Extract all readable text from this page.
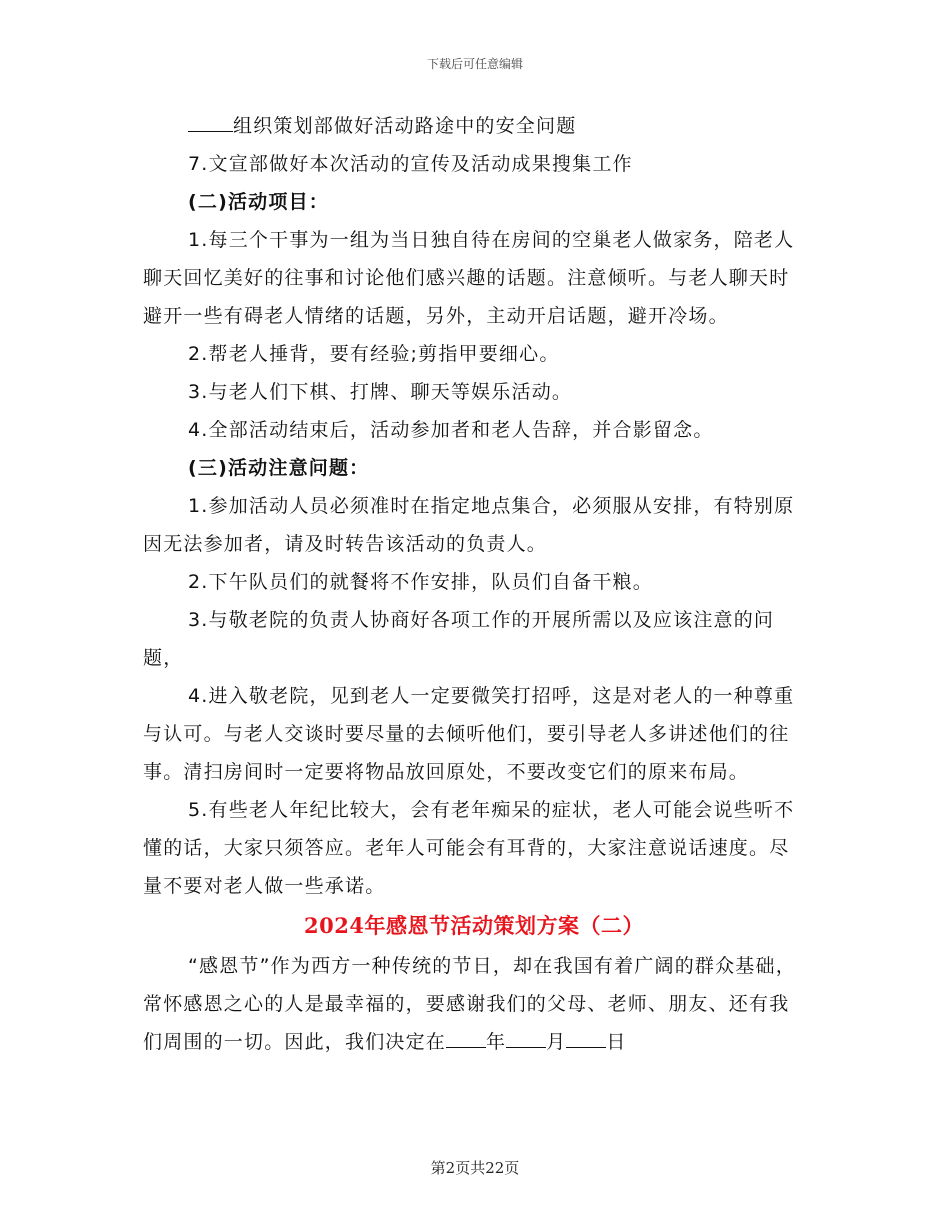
下载后可任意编辑

组织策划部做好活动路途中的安全问题

7.文宣部做好本次活动的宣传及活动成果搜集工作

(二)活动项目：

1.每三个干事为一组为当日独自待在房间的空巢老人做家务，陪老人聊天回忆美好的往事和讨论他们感兴趣的话题。注意倾听。与老人聊天时避开一些有碍老人情绪的话题，另外，主动开启话题，避开冷场。

2.帮老人捶背，要有经验;剪指甲要细心。

3.与老人们下棋、打牌、聊天等娱乐活动。

4.全部活动结束后，活动参加者和老人告辞，并合影留念。

(三)活动注意问题：

1.参加活动人员必须准时在指定地点集合，必须服从安排，有特别原因无法参加者，请及时转告该活动的负责人。

2.下午队员们的就餐将不作安排，队员们自备干粮。

3.与敬老院的负责人协商好各项工作的开展所需以及应该注意的问题，

4.进入敬老院，见到老人一定要微笑打招呼，这是对老人的一种尊重与认可。与老人交谈时要尽量的去倾听他们，要引导老人多讲述他们的往事。清扫房间时一定要将物品放回原处，不要改变它们的原来布局。

5.有些老人年纪比较大，会有老年痴呆的症状，老人可能会说些听不懂的话，大家只须答应。老年人可能会有耳背的，大家注意说话速度。尽量不要对老人做一些承诺。

2024年感恩节活动策划方案（二）

“感恩节”作为西方一种传统的节日，却在我国有着广阔的群众基础，常怀感恩之心的人是最幸福的，要感谢我们的父母、老师、朋友、还有我们周围的一切。因此，我们决定在 年 月 日

第2页共22页
